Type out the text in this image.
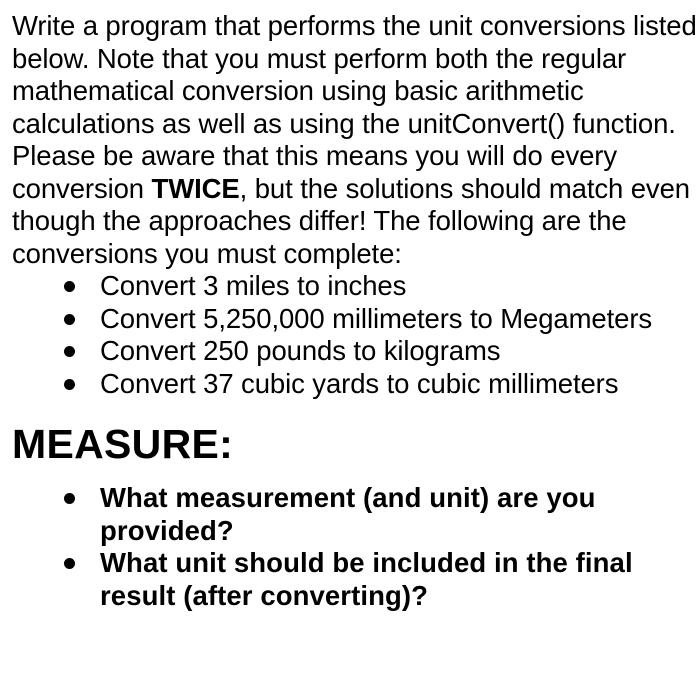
Write a program that performs the unit conversions listed below. Note that you must perform both the regular mathematical conversion using basic arithmetic calculations as well as using the unitConvert() function. Please be aware that this means you will do every conversion TWICE, but the solutions should match even though the approaches differ! The following are the conversions you must complete:

Convert 3 miles to inches
Convert 5,250,000 millimeters to Megameters
Convert 250 pounds to kilograms
Convert 37 cubic yards to cubic millimeters
MEASURE:
What measurement (and unit) are you provided?
What unit should be included in the final result (after converting)?
